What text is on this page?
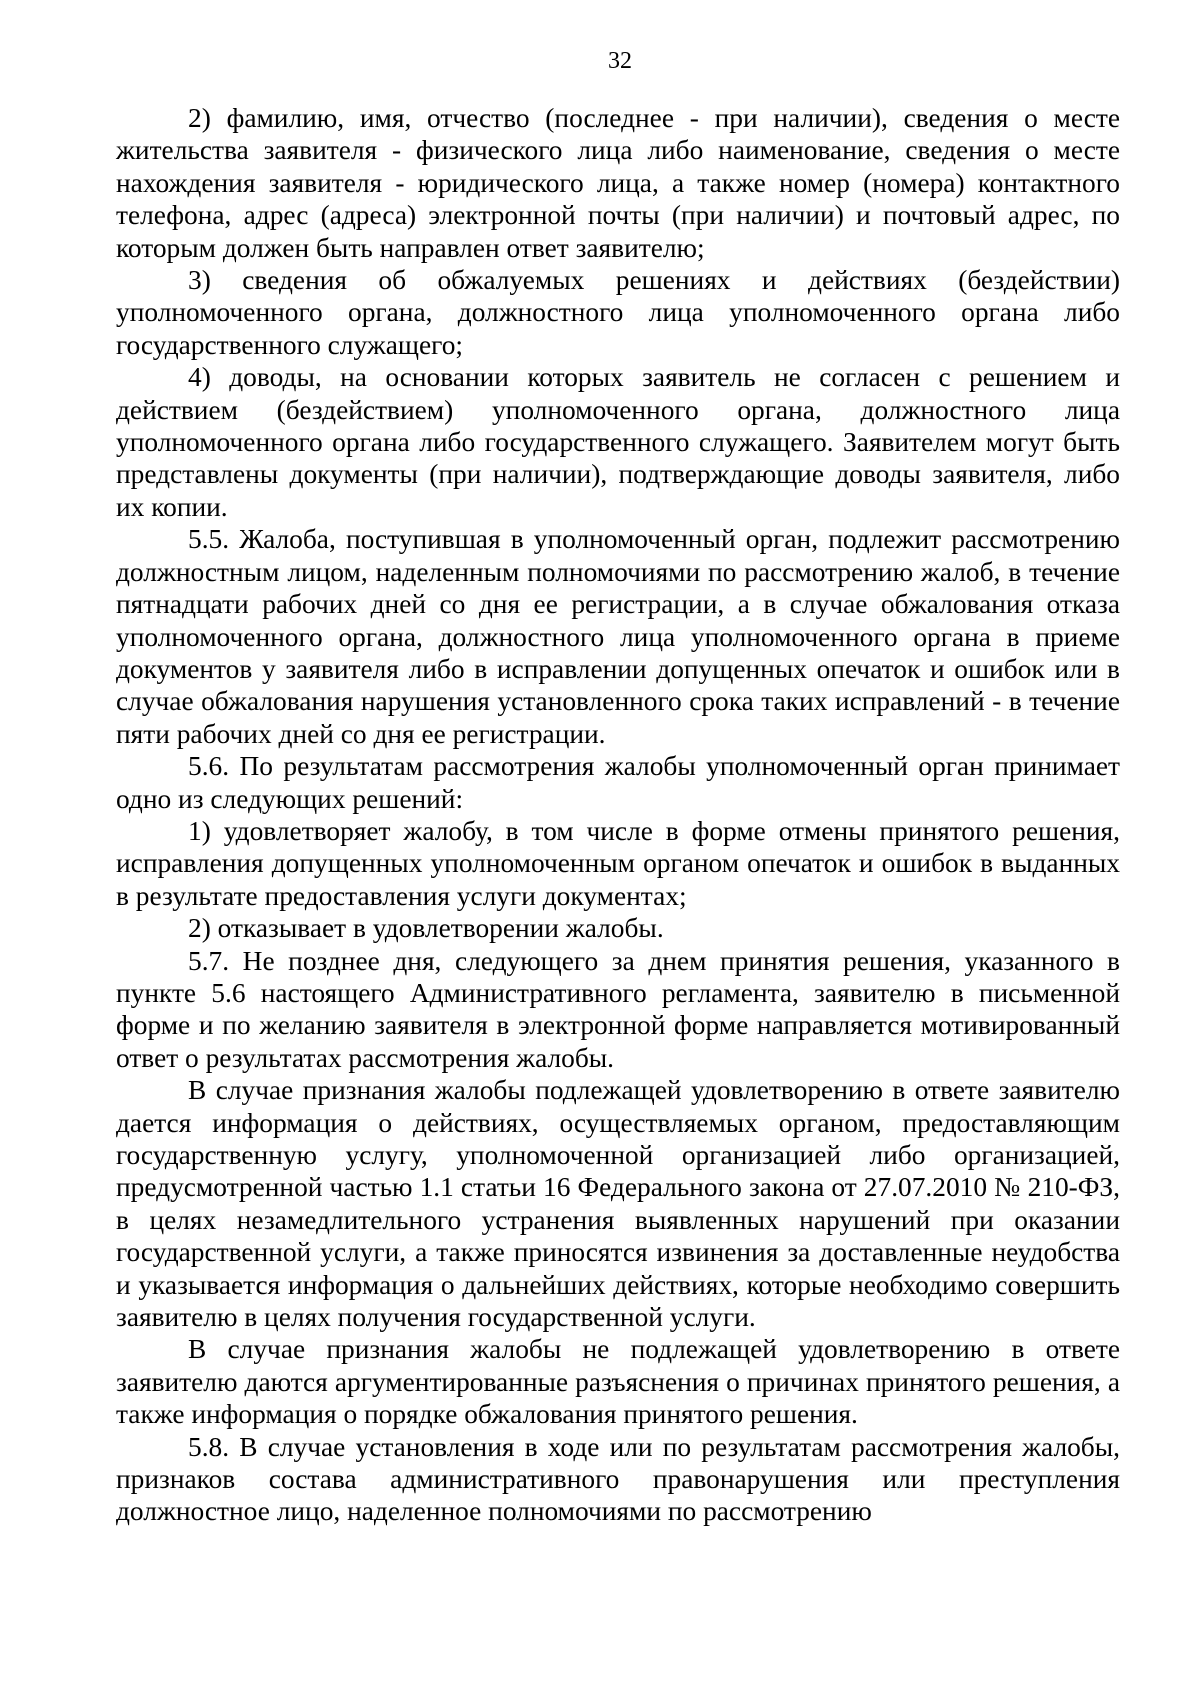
32

2) фамилию, имя, отчество (последнее - при наличии), сведения о месте жительства заявителя - физического лица либо наименование, сведения о месте нахождения заявителя - юридического лица, а также номер (номера) контактного телефона, адрес (адреса) электронной почты (при наличии) и почтовый адрес, по которым должен быть направлен ответ заявителю;

3) сведения об обжалуемых решениях и действиях (бездействии) уполномоченного органа, должностного лица уполномоченного органа либо государственного служащего;

4) доводы, на основании которых заявитель не согласен с решением и действием (бездействием) уполномоченного органа, должностного лица уполномоченного органа либо государственного служащего. Заявителем могут быть представлены документы (при наличии), подтверждающие доводы заявителя, либо их копии.

5.5. Жалоба, поступившая в уполномоченный орган, подлежит рассмотрению должностным лицом, наделенным полномочиями по рассмотрению жалоб, в течение пятнадцати рабочих дней со дня ее регистрации, а в случае обжалования отказа уполномоченного органа, должностного лица уполномоченного органа в приеме документов у заявителя либо в исправлении допущенных опечаток и ошибок или в случае обжалования нарушения установленного срока таких исправлений - в течение пяти рабочих дней со дня ее регистрации.

5.6. По результатам рассмотрения жалобы уполномоченный орган принимает одно из следующих решений:

1) удовлетворяет жалобу, в том числе в форме отмены принятого решения, исправления допущенных уполномоченным органом опечаток и ошибок в выданных в результате предоставления услуги документах;

2) отказывает в удовлетворении жалобы.

5.7. Не позднее дня, следующего за днем принятия решения, указанного в пункте 5.6 настоящего Административного регламента, заявителю в письменной форме и по желанию заявителя в электронной форме направляется мотивированный ответ о результатах рассмотрения жалобы.

В случае признания жалобы подлежащей удовлетворению в ответе заявителю дается информация о действиях, осуществляемых органом, предоставляющим государственную услугу, уполномоченной организацией либо организацией, предусмотренной частью 1.1 статьи 16 Федерального закона от 27.07.2010 № 210-ФЗ, в целях незамедлительного устранения выявленных нарушений при оказании государственной услуги, а также приносятся извинения за доставленные неудобства и указывается информация о дальнейших действиях, которые необходимо совершить заявителю в целях получения государственной услуги.

В случае признания жалобы не подлежащей удовлетворению в ответе заявителю даются аргументированные разъяснения о причинах принятого решения, а также информация о порядке обжалования принятого решения.

5.8. В случае установления в ходе или по результатам рассмотрения жалобы, признаков состава административного правонарушения или преступления должностное лицо, наделенное полномочиями по рассмотрению
